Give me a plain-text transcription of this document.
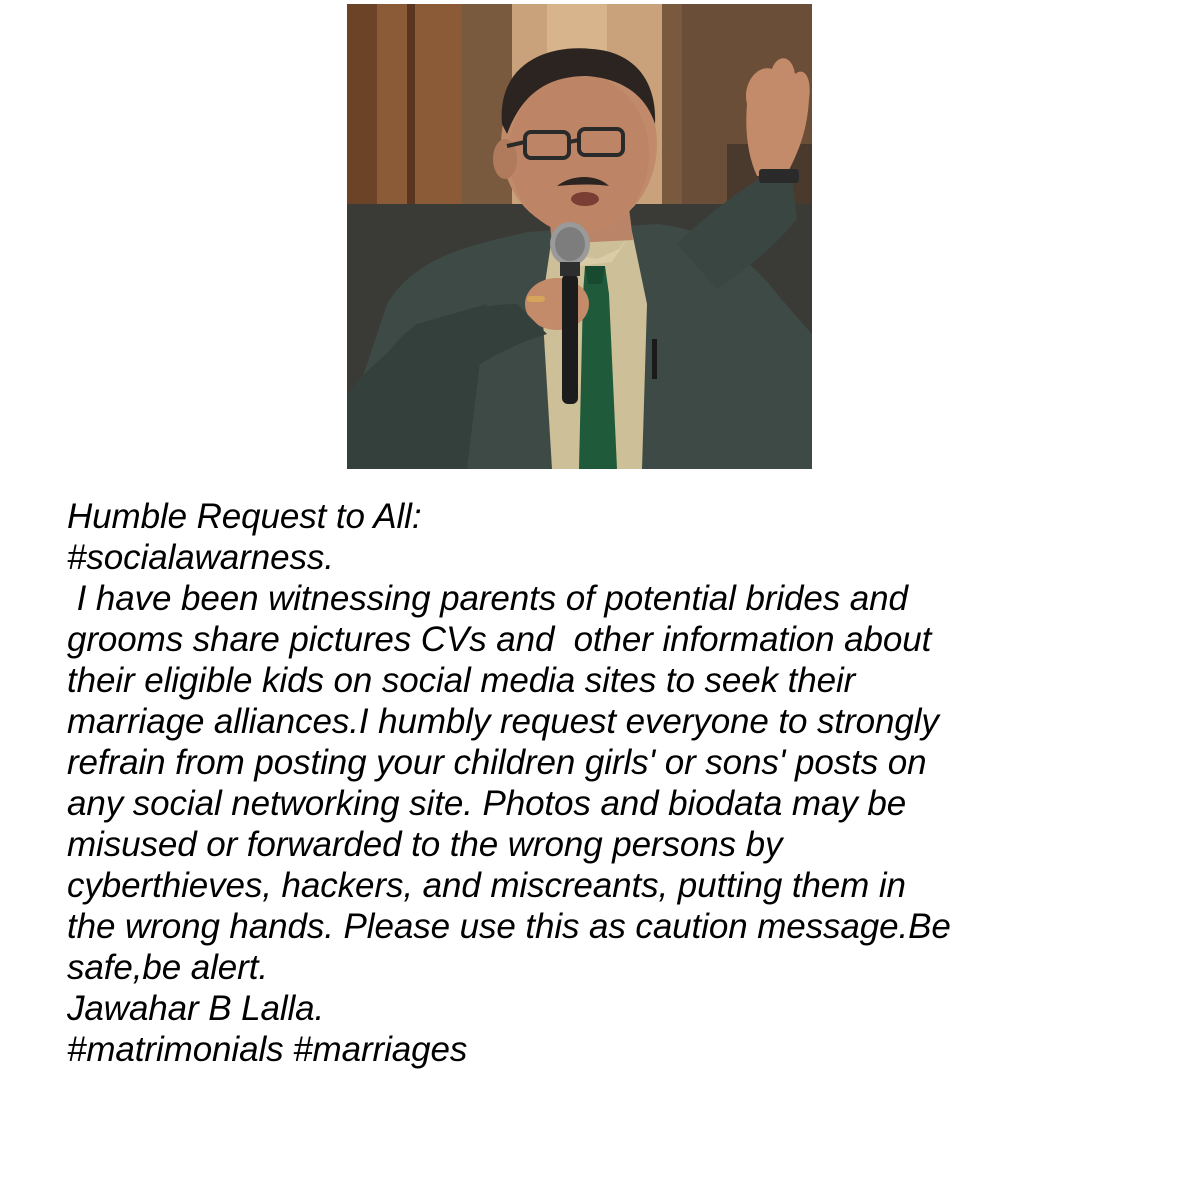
Humble Request to All:
#socialawarness.
I have been witnessing parents of potential brides and
grooms share pictures CVs and  other information about
their eligible kids on social media sites to seek their
marriage alliances.I humbly request everyone to strongly
refrain from posting your children girls' or sons' posts on
any social networking site. Photos and biodata may be
misused or forwarded to the wrong persons by
cyberthieves, hackers, and miscreants, putting them in
the wrong hands. Please use this as caution message.Be
safe,be alert.
Jawahar B Lalla.
#matrimonials #marriages
